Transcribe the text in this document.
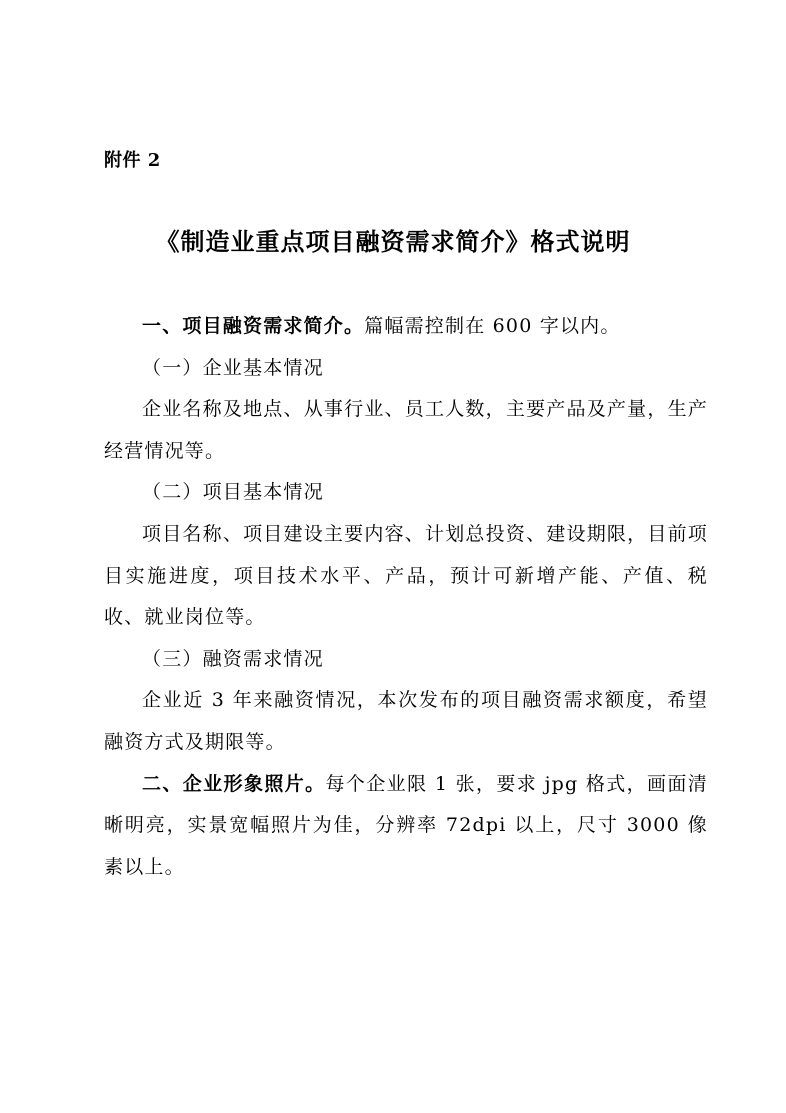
附件 2
《制造业重点项目融资需求简介》格式说明

一、项目融资需求简介。篇幅需控制在 600 字以内。

（一）企业基本情况

企业名称及地点、从事行业、员工人数，主要产品及产量，生产经营情况等。

（二）项目基本情况

项目名称、项目建设主要内容、计划总投资、建设期限，目前项目实施进度，项目技术水平、产品，预计可新增产能、产值、税收、就业岗位等。

（三）融资需求情况

企业近 3 年来融资情况，本次发布的项目融资需求额度，希望融资方式及期限等。

二、企业形象照片。每个企业限 1 张，要求 jpg 格式，画面清晰明亮，实景宽幅照片为佳，分辨率 72dpi 以上，尺寸 3000 像素以上。
